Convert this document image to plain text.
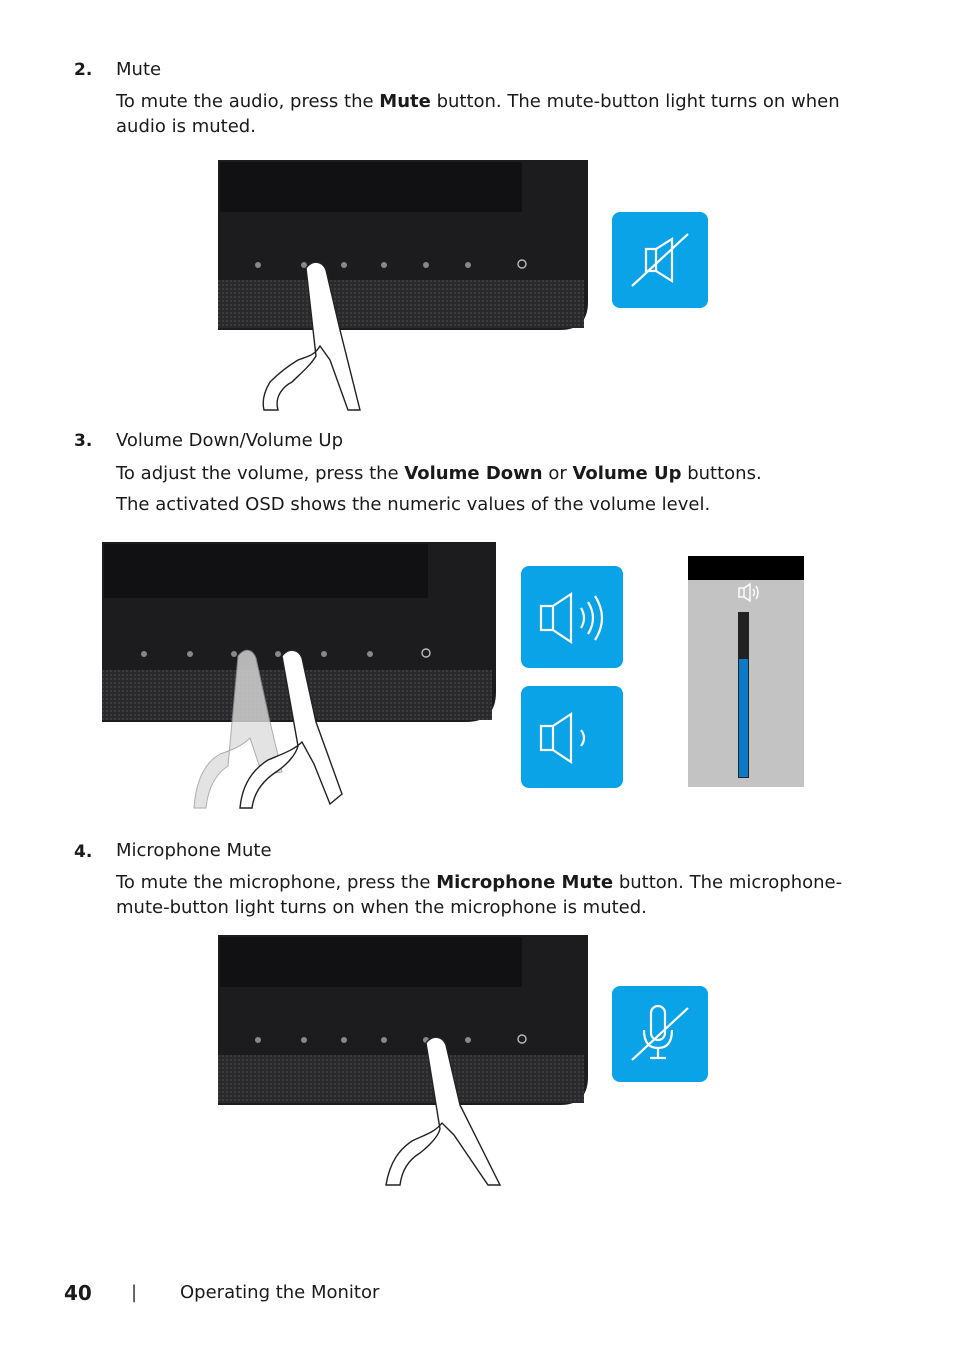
2. Mute
To mute the audio, press the Mute button. The mute-button light turns on when audio is muted.
3. Volume Down/Volume Up
To adjust the volume, press the Volume Down or Volume Up buttons.
The activated OSD shows the numeric values of the volume level.
4. Microphone Mute
To mute the microphone, press the Microphone Mute button. The microphone-mute-button light turns on when the microphone is muted.
40 | Operating the Monitor
